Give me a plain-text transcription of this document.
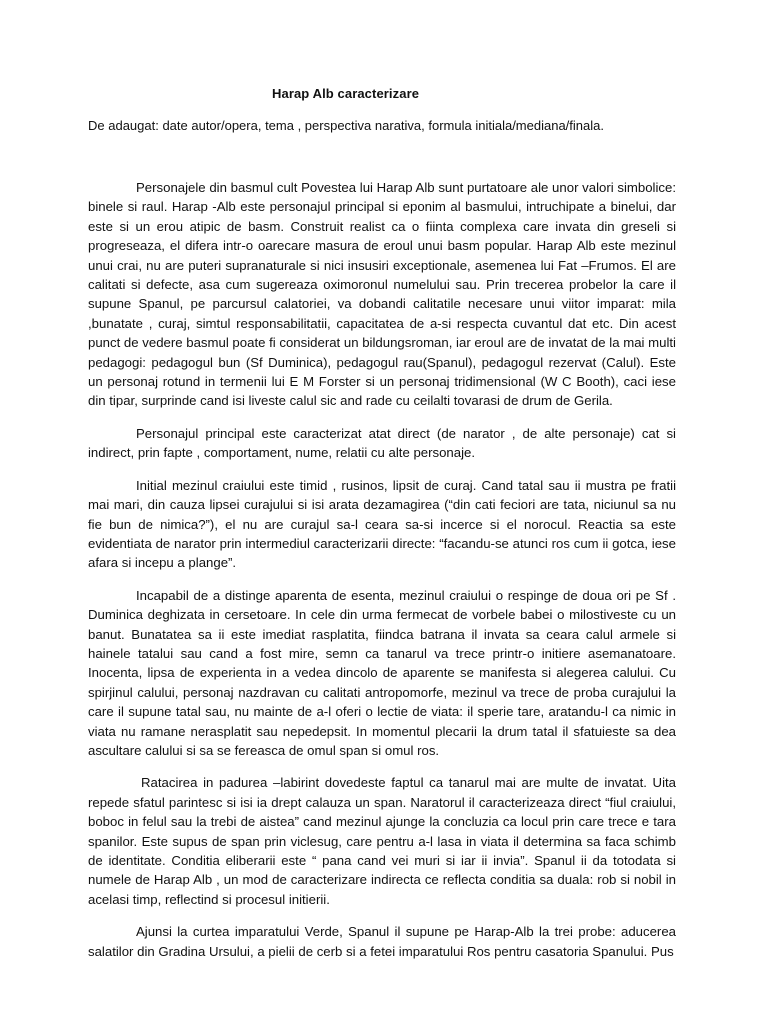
Harap Alb caracterizare
De adaugat: date autor/opera, tema , perspectiva narativa, formula initiala/mediana/finala.

Personajele din basmul cult Povestea lui Harap Alb sunt purtatoare ale unor valori simbolice: binele si raul. Harap -Alb este personajul principal si eponim al basmului, intruchipate a binelui, dar este si un erou atipic de basm. Construit realist ca o fiinta complexa care invata din greseli si progreseaza, el difera intr-o oarecare masura de eroul unui basm popular. Harap Alb este mezinul unui crai, nu are puteri supranaturale si nici insusiri exceptionale, asemenea lui Fat –Frumos. El are calitati si defecte, asa cum sugereaza oximoronul numelului sau. Prin trecerea probelor la care il supune Spanul, pe parcursul calatoriei, va dobandi calitatile necesare unui viitor imparat: mila ,bunatate , curaj, simtul responsabilitatii, capacitatea de a-si respecta cuvantul dat etc. Din acest punct de vedere basmul poate fi considerat un bildungsroman, iar eroul are de invatat de la mai multi pedagogi: pedagogul bun (Sf Duminica), pedagogul rau(Spanul), pedagogul rezervat (Calul). Este un personaj rotund in termenii lui E M Forster si un personaj tridimensional (W C Booth), caci iese din tipar, surprinde cand isi liveste calul sic and rade cu ceilalti tovarasi de drum de Gerila.

Personajul principal este caracterizat atat direct (de narator , de alte personaje) cat si indirect, prin fapte , comportament, nume, relatii cu alte personaje.

Initial mezinul craiului este timid , rusinos, lipsit de curaj. Cand tatal sau ii mustra pe fratii mai mari, din cauza lipsei curajului si isi arata dezamagirea (“din cati feciori are tata, niciunul sa nu fie bun de nimica?”), el nu are curajul sa-l ceara sa-si incerce si el norocul. Reactia sa este evidentiata de narator prin intermediul caracterizarii directe: “facandu-se atunci ros cum ii gotca, iese afara si incepu a plange”.

Incapabil de a distinge aparenta de esenta, mezinul craiului o respinge de doua ori pe Sf . Duminica deghizata in cersetoare. In cele din urma fermecat de vorbele babei o milostiveste cu un banut. Bunatatea sa ii este imediat rasplatita, fiindca batrana il invata sa ceara calul armele si hainele tatalui sau cand a fost mire, semn ca tanarul va trece printr-o initiere asemanatoare. Inocenta, lipsa de experienta in a vedea dincolo de aparente se manifesta si alegerea calului. Cu spirjinul calului, personaj nazdravan cu calitati antropomorfe, mezinul va trece de proba curajului la care il supune tatal sau, nu mainte de a-l oferi o lectie de viata: il sperie tare, aratandu-l ca nimic in viata nu ramane nerasplatit sau nepedepsit. In momentul plecarii la drum tatal il sfatuieste sa dea ascultare calului si sa se fereasca de omul span si omul ros.

Ratacirea in padurea –labirint dovedeste faptul ca tanarul mai are multe de invatat. Uita repede sfatul parintesc si isi ia drept calauza un span. Naratorul il caracterizeaza direct “fiul craiului, boboc in felul sau la trebi de aistea” cand mezinul ajunge la concluzia ca locul prin care trece e tara spanilor. Este supus de span prin viclesug, care pentru a-l lasa in viata il determina sa faca schimb de identitate. Conditia eliberarii este “ pana cand vei muri si iar ii invia”. Spanul ii da totodata si numele de Harap Alb , un mod de caracterizare indirecta ce reflecta conditia sa duala: rob si nobil in acelasi timp, reflectind si procesul initierii.

Ajunsi la curtea imparatului Verde, Spanul il supune pe Harap-Alb la trei probe: aducerea salatilor din Gradina Ursului, a pielii de cerb si a fetei imparatului Ros pentru casatoria Spanului. Pus
